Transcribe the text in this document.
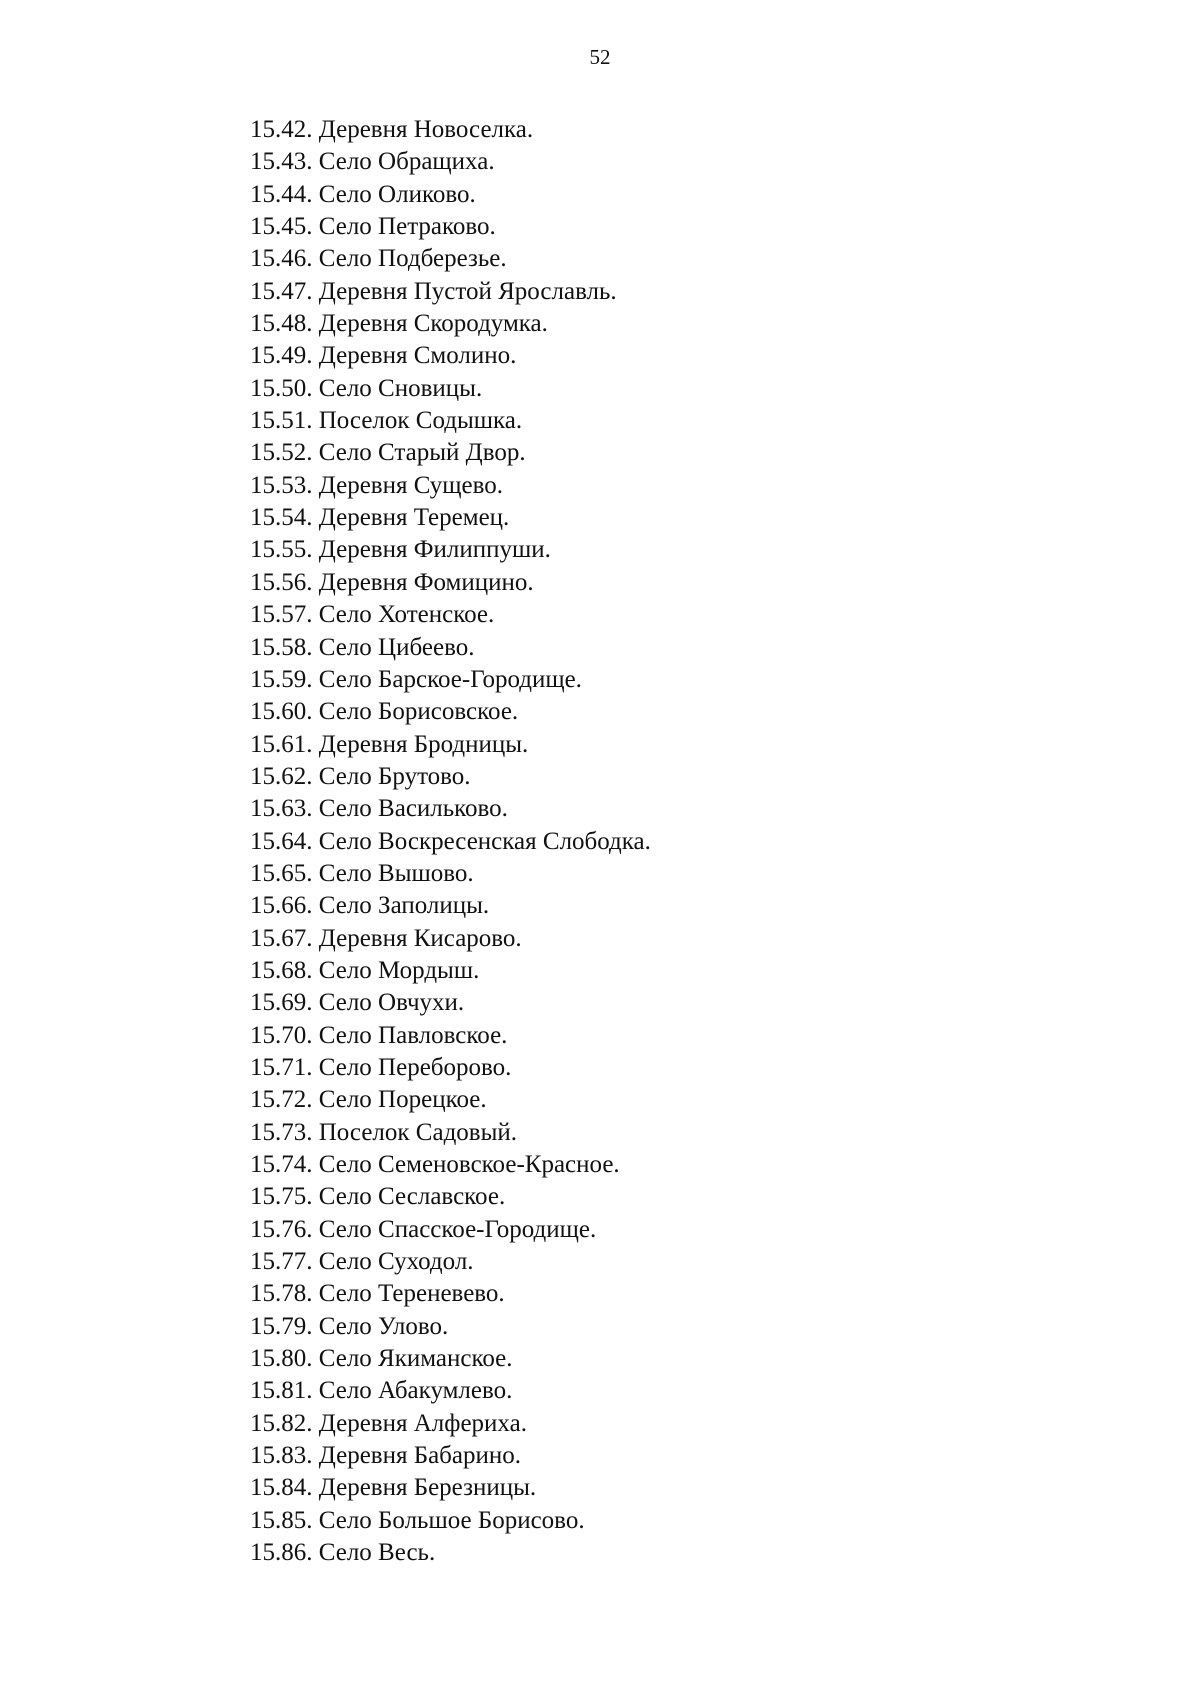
52
15.42. Деревня Новоселка.
15.43. Село Обращиха.
15.44. Село Оликово.
15.45. Село Петраково.
15.46. Село Подберезье.
15.47. Деревня Пустой Ярославль.
15.48. Деревня Скородумка.
15.49. Деревня Смолино.
15.50. Село Сновицы.
15.51. Поселок Содышка.
15.52. Село Старый Двор.
15.53. Деревня Сущево.
15.54. Деревня Теремец.
15.55. Деревня Филиппуши.
15.56. Деревня Фомицино.
15.57. Село Хотенское.
15.58. Село Цибеево.
15.59. Село Барское-Городище.
15.60. Село Борисовское.
15.61. Деревня Бродницы.
15.62. Село Брутово.
15.63. Село Васильково.
15.64. Село Воскресенская Слободка.
15.65. Село Вышово.
15.66. Село Заполицы.
15.67. Деревня Кисарово.
15.68. Село Мордыш.
15.69. Село Овчухи.
15.70. Село Павловское.
15.71. Село Переборово.
15.72. Село Порецкое.
15.73. Поселок Садовый.
15.74. Село Семеновское-Красное.
15.75. Село Сеславское.
15.76. Село Спасское-Городище.
15.77. Село Суходол.
15.78. Село Тереневево.
15.79. Село Улово.
15.80. Село Якиманское.
15.81. Село Абакумлево.
15.82. Деревня Алфериха.
15.83. Деревня Бабарино.
15.84. Деревня Березницы.
15.85. Село Большое Борисово.
15.86. Село Весь.
